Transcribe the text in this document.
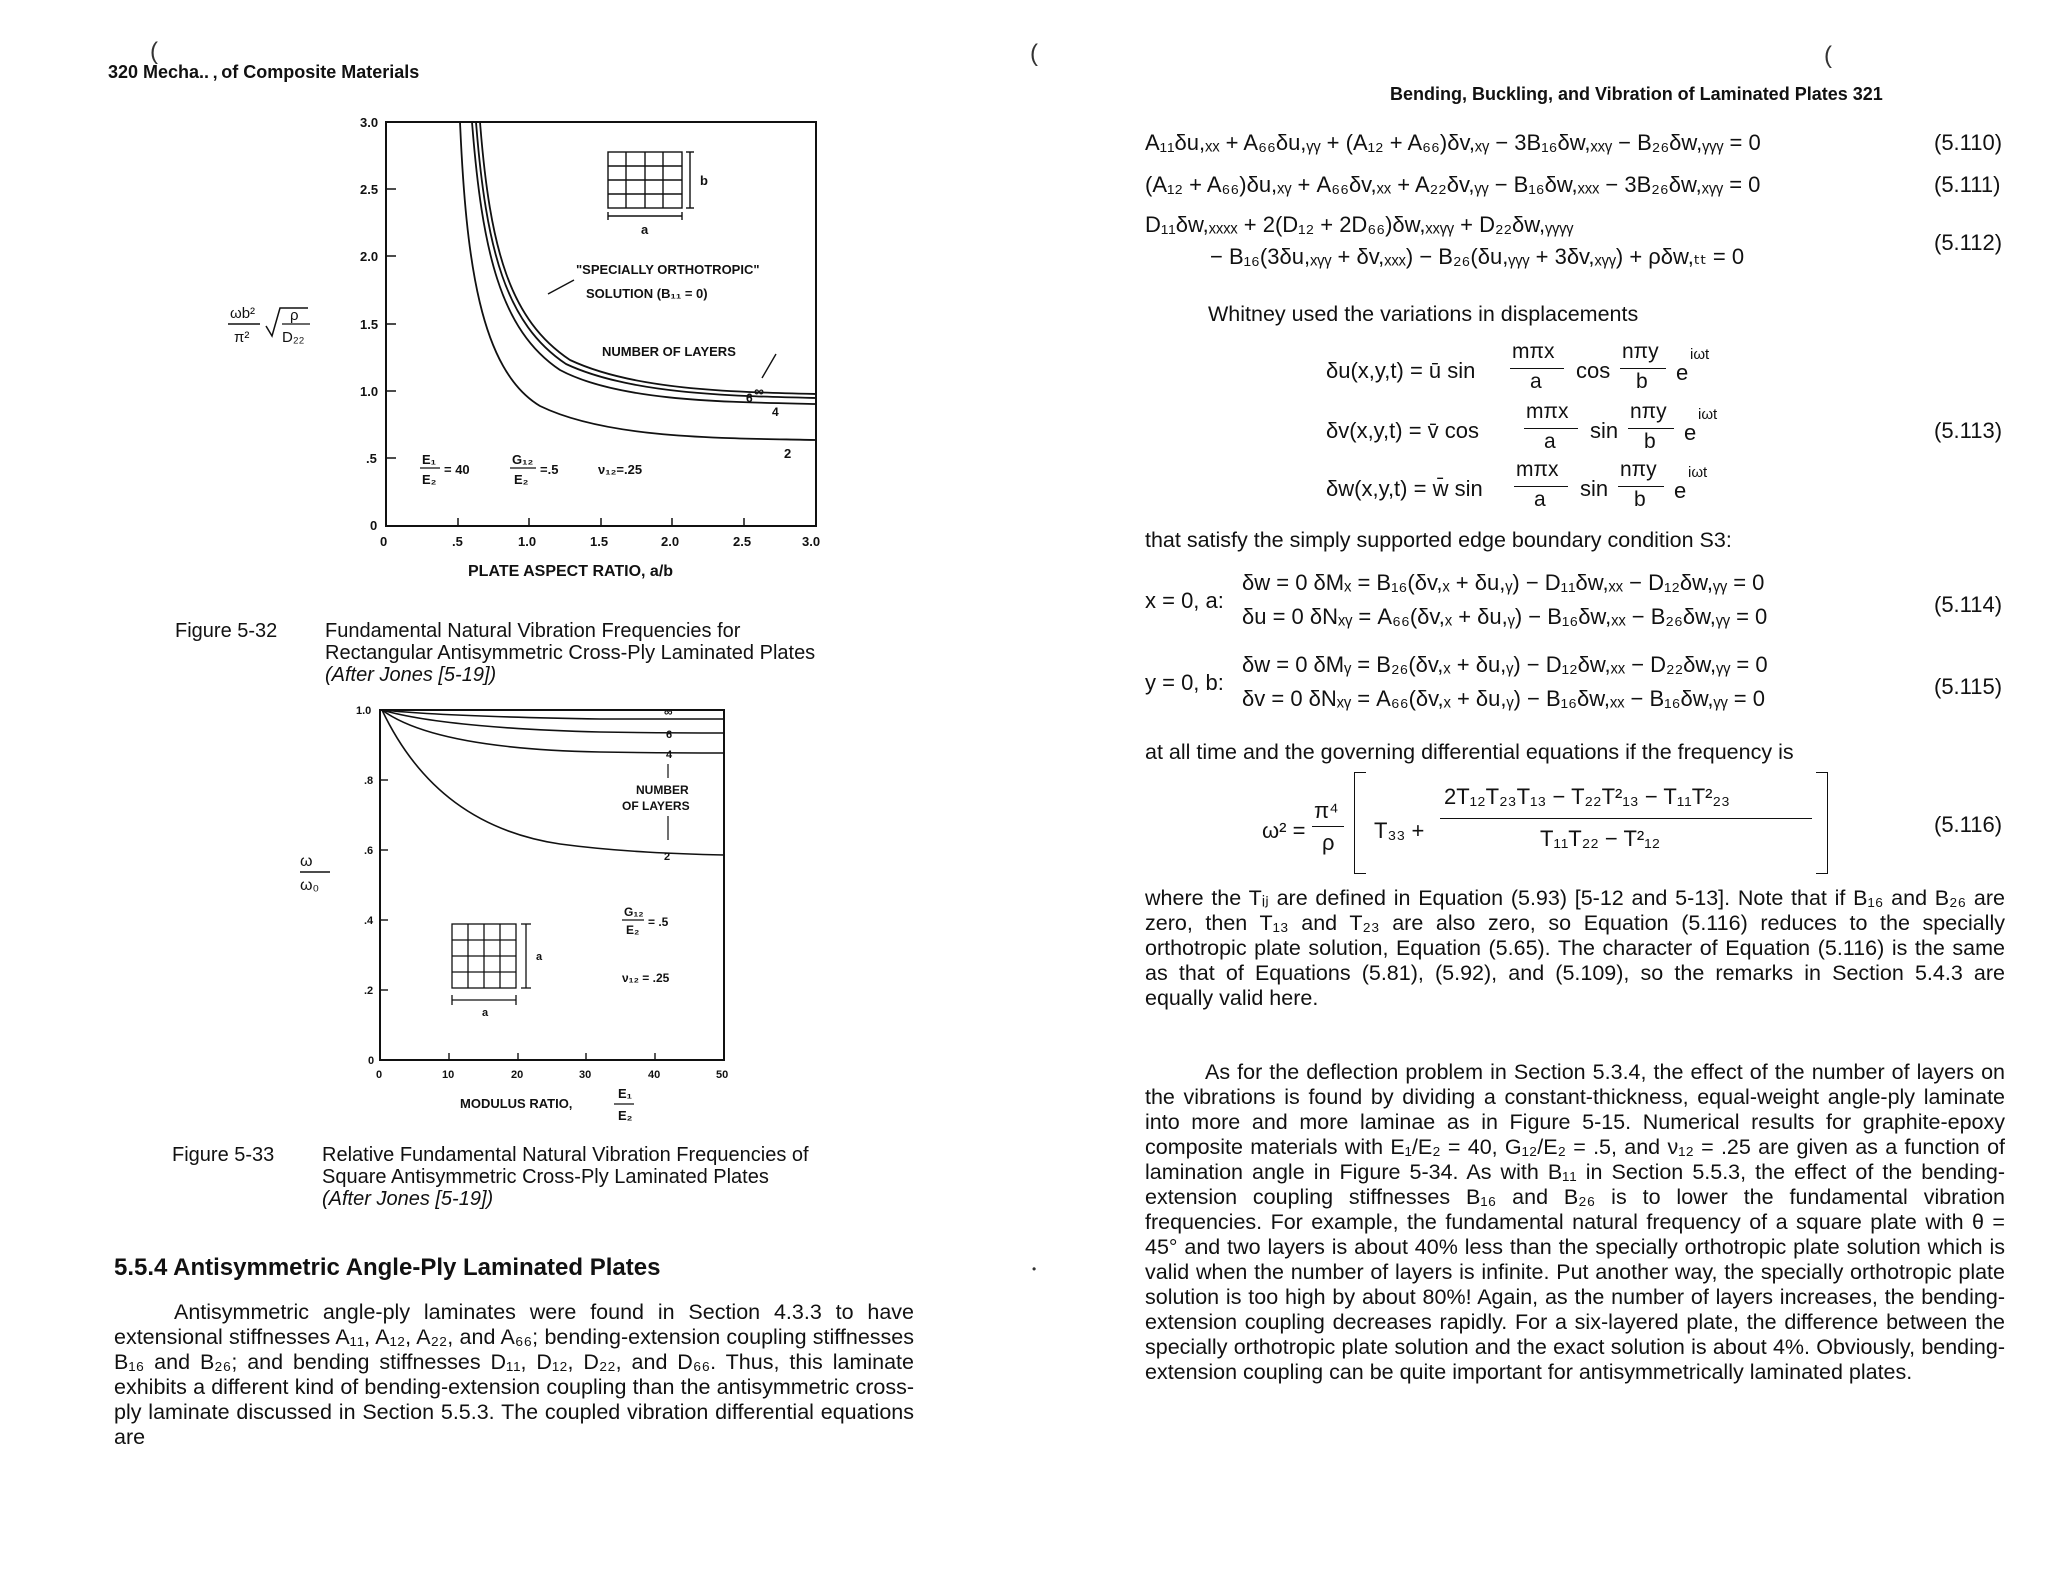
(
320 Mecha.. ‚ of Composite Materials
ωb²
π²
ρ
D₂₂
3.0
2.5
2.0
1.5
1.0
.5
0
0	.5	1.0	1.5	2.0	2.5	3.0
PLATE ASPECT RATIO, a/b
a
b
"SPECIALLY ORTHOTROPIC"
SOLUTION (B₁₁ = 0)
NUMBER OF LAYERS
∞
6
4
2
E₁
E₂
= 40
G₁₂
E₂
=.5	ν₁₂=.25
Figure 5-32	Fundamental Natural Vibration Frequencies for
Rectangular Antisymmetric Cross-Ply Laminated Plates
(After Jones [5-19])
ω
ω₀
1.0
.8
.6
.4
.2
0
0	10	20	30	40	50
MODULUS RATIO,
E₁
E₂
∞
6
4
NUMBER
OF LAYERS
2
a
a
G₁₂
E₂
= .5
ν₁₂ = .25
Figure 5-33	Relative Fundamental Natural Vibration Frequencies of
Square Antisymmetric Cross-Ply Laminated Plates
(After Jones [5-19])
5.5.4 Antisymmetric Angle-Ply Laminated Plates
Antisymmetric angle-ply laminates were found in Section 4.3.3 to have extensional stiffnesses A₁₁, A₁₂, A₂₂, and A₆₆; bending-extension coupling stiffnesses B₁₆ and B₂₆; and bending stiffnesses D₁₁, D₁₂, D₂₂, and D₆₆. Thus, this laminate exhibits a different kind of bending-extension coupling than the antisymmetric cross-ply laminate discussed in Section 5.5.3. The coupled vibration differential equations are
(	(
Bending, Buckling, and Vibration of Laminated Plates 321
A₁₁δu,ₓₓ + A₆₆δu,ᵧᵧ + (A₁₂ + A₆₆)δv,ₓᵧ − 3B₁₆δw,ₓₓᵧ − B₂₆δw,ᵧᵧᵧ = 0	(5.110)
(A₁₂ + A₆₆)δu,ₓᵧ + A₆₆δv,ₓₓ + A₂₂δv,ᵧᵧ − B₁₆δw,ₓₓₓ − 3B₂₆δw,ₓᵧᵧ = 0	(5.111)
D₁₁δw,ₓₓₓₓ + 2(D₁₂ + 2D₆₆)δw,ₓₓᵧᵧ + D₂₂δw,ᵧᵧᵧᵧ
− B₁₆(3δu,ₓᵧᵧ + δv,ₓₓₓ) − B₂₆(δu,ᵧᵧᵧ + 3δv,ₓᵧᵧ) + ρδw,ₜₜ = 0
(5.112)
Whitney used the variations in displacements
δu(x,y,t) = ū sin
mπx
a cos
nπy
b e
iωt
δv(x,y,t) = v̄ cos
mπx
a sin
nπy
b e
iωt
δw(x,y,t) = w̄ sin
mπx
a sin
nπy
b e
iωt
(5.113)
that satisfy the simply supported edge boundary condition S3:
x = 0, a:
δw = 0 δMₓ = B₁₆(δv,ₓ + δu,ᵧ) − D₁₁δw,ₓₓ − D₁₂δw,ᵧᵧ = 0
δu = 0 δNₓᵧ = A₆₆(δv,ₓ + δu,ᵧ) − B₁₆δw,ₓₓ − B₂₆δw,ᵧᵧ = 0	(5.114)
y = 0, b:
δw = 0 δMᵧ = B₂₆(δv,ₓ + δu,ᵧ) − D₁₂δw,ₓₓ − D₂₂δw,ᵧᵧ = 0
δv = 0 δNₓᵧ = A₆₆(δv,ₓ + δu,ᵧ) − B₁₆δw,ₓₓ − B₁₆δw,ᵧᵧ = 0	(5.115)
at all time and the governing differential equations if the frequency is
ω² =
π⁴
ρ T₃₃ +
2T₁₂T₂₃T₁₃ − T₂₂T²₁₃ − T₁₁T²₂₃
T₁₁T₂₂ − T²₁₂
(5.116)
where the Tᵢⱼ are defined in Equation (5.93) [5-12 and 5-13]. Note that if B₁₆ and B₂₆ are zero, then T₁₃ and T₂₃ are also zero, so Equation (5.116) reduces to the specially orthotropic plate solution, Equation (5.65). The character of Equation (5.116) is the same as that of Equations (5.81), (5.92), and (5.109), so the remarks in Section 5.4.3 are equally valid here.
As for the deflection problem in Section 5.3.4, the effect of the number of layers on the vibrations is found by dividing a constant-thickness, equal-weight angle-ply laminate into more and more laminae as in Figure 5-15. Numerical results for graphite-epoxy composite materials with E₁/E₂ = 40, G₁₂/E₂ = .5, and ν₁₂ = .25 are given as a function of lamination angle in Figure 5-34. As with B₁₁ in Section 5.5.3, the effect of the bending-extension coupling stiffnesses B₁₆ and B₂₆ is to lower the fundamental vibration frequencies. For example, the fundamental natural frequency of a square plate with θ = 45° and two layers is about 40% less than the specially orthotropic plate solution which is valid when the number of layers is infinite. Put another way, the specially orthotropic plate solution is too high by about 80%! Again, as the number of layers increases, the bending-extension coupling decreases rapidly. For a six-layered plate, the difference between the specially orthotropic plate solution and the exact solution is about 4%. Obviously, bending-extension coupling can be quite important for antisymmetrically laminated plates.
•
